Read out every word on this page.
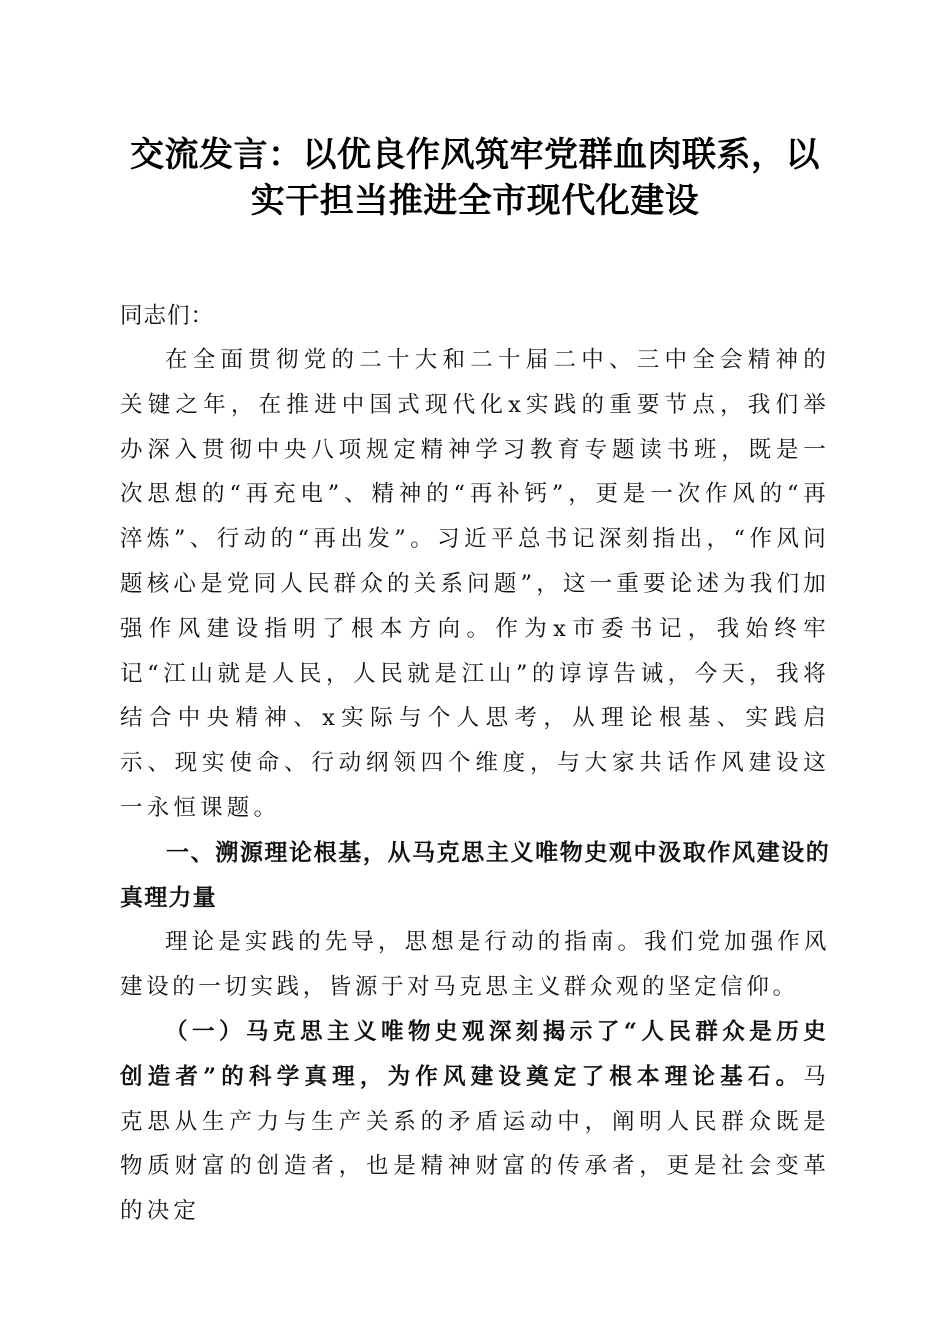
交流发言：以优良作风筑牢党群血肉联系，以
实干担当推进全市现代化建设

同志们：

在全面贯彻党的二十大和二十届二中、三中全会精神的关键之年，在推进中国式现代化x实践的重要节点，我们举办深入贯彻中央八项规定精神学习教育专题读书班，既是一次思想的“再充电”、精神的“再补钙”，更是一次作风的“再淬炼”、行动的“再出发”。习近平总书记深刻指出，“作风问题核心是党同人民群众的关系问题”，这一重要论述为我们加强作风建设指明了根本方向。作为x市委书记，我始终牢记“江山就是人民，人民就是江山”的谆谆告诫，今天，我将结合中央精神、x实际与个人思考，从理论根基、实践启示、现实使命、行动纲领四个维度，与大家共话作风建设这一永恒课题。

一、溯源理论根基，从马克思主义唯物史观中汲取作风建设的真理力量

理论是实践的先导，思想是行动的指南。我们党加强作风建设的一切实践，皆源于对马克思主义群众观的坚定信仰。

（一）马克思主义唯物史观深刻揭示了“人民群众是历史创造者”的科学真理，为作风建设奠定了根本理论基石。马克思从生产力与生产关系的矛盾运动中，阐明人民群众既是物质财富的创造者，也是精神财富的传承者，更是社会变革的决定
